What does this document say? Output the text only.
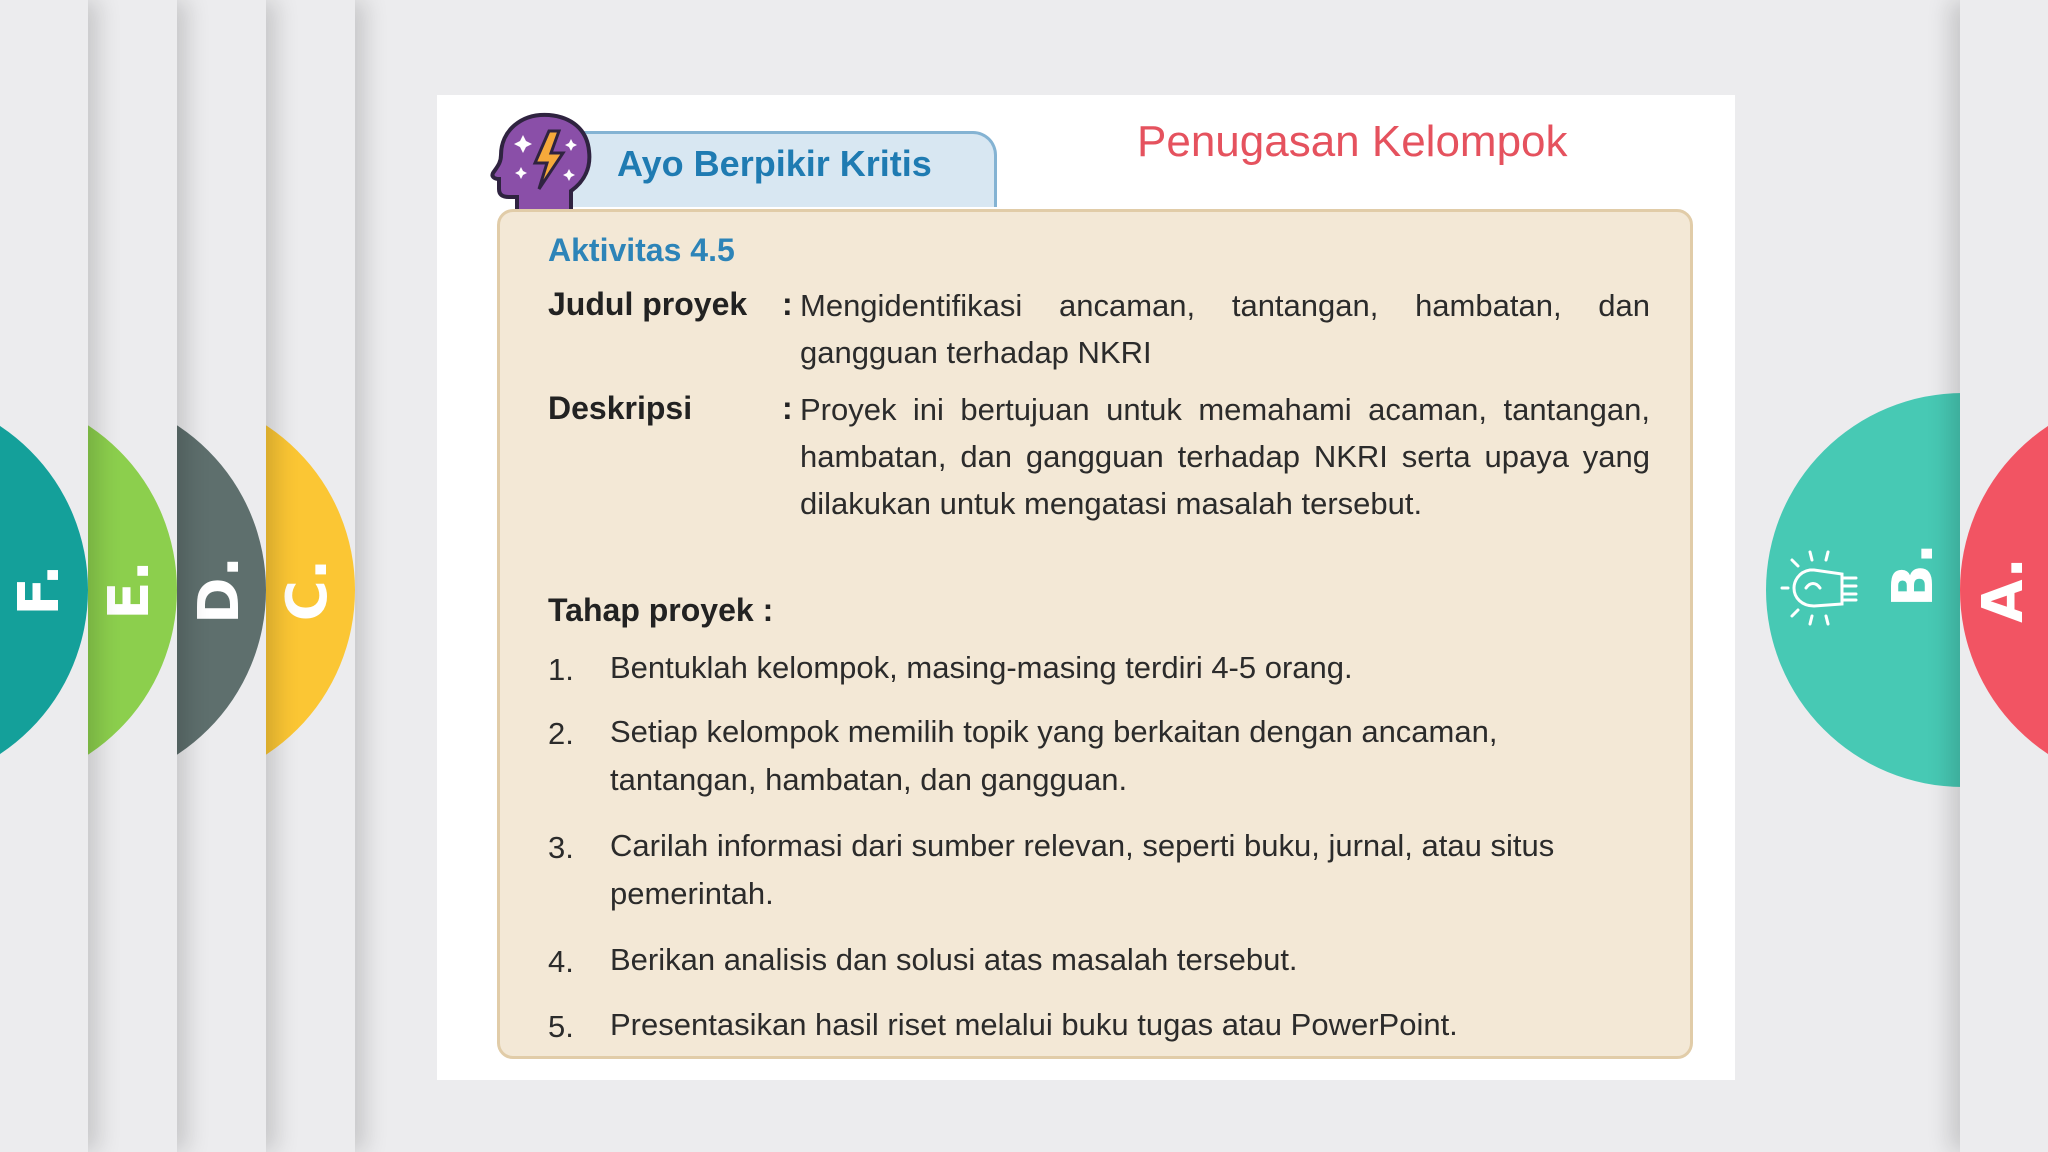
F. E. D. C.	B. A.
Ayo Berpikir Kritis	Penugasan Kelompok
Aktivitas 4.5
Judul proyek : Mengidentifikasi ancaman, tantangan, hambatan, dan gangguan terhadap NKRI
Deskripsi	: Proyek ini bertujuan untuk memahami acaman, tantangan, hambatan, dan gangguan terhadap NKRI serta upaya yang dilakukan untuk mengatasi masalah tersebut.
Tahap proyek :
1. Bentuklah kelompok, masing-masing terdiri 4-5 orang.
2. Setiap kelompok memilih topik yang berkaitan dengan ancaman, tantangan, hambatan, dan gangguan.
3. Carilah informasi dari sumber relevan, seperti buku, jurnal, atau situs pemerintah.
4. Berikan analisis dan solusi atas masalah tersebut.
5. Presentasikan hasil riset melalui buku tugas atau PowerPoint.
